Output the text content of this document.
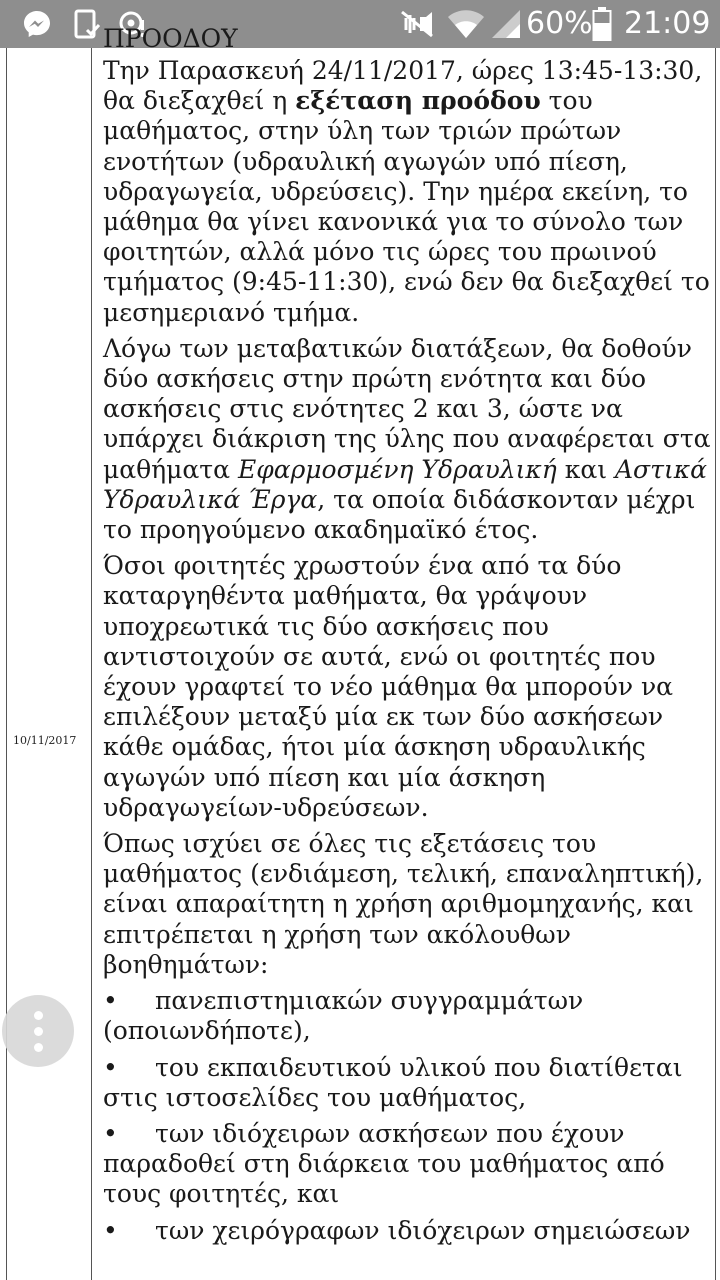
60% 21:09
10/11/2017
ΠΡΟΟΔΟΥ

Την Παρασκευή 24/11/2017, ώρες 13:45-13:30, θα διεξαχθεί η εξέταση προόδου του μαθήματος, στην ύλη των τριών πρώτων ενοτήτων (υδραυλική αγωγών υπό πίεση, υδραγωγεία, υδρεύσεις). Την ημέρα εκείνη, το μάθημα θα γίνει κανονικά για το σύνολο των φοιτητών, αλλά μόνο τις ώρες του πρωινού τμήματος (9:45-11:30), ενώ δεν θα διεξαχθεί το μεσημεριανό τμήμα.

Λόγω των μεταβατικών διατάξεων, θα δοθούν δύο ασκήσεις στην πρώτη ενότητα και δύο ασκήσεις στις ενότητες 2 και 3, ώστε να υπάρχει διάκριση της ύλης που αναφέρεται στα μαθήματα Εφαρμοσμένη Υδραυλική και Αστικά Υδραυλικά Έργα, τα οποία διδάσκονταν μέχρι το προηγούμενο ακαδημαϊκό έτος.

Όσοι φοιτητές χρωστούν ένα από τα δύο καταργηθέντα μαθήματα, θα γράψουν υποχρεωτικά τις δύο ασκήσεις που αντιστοιχούν σε αυτά, ενώ οι φοιτητές που έχουν γραφτεί το νέο μάθημα θα μπορούν να επιλέξουν μεταξύ μία εκ των δύο ασκήσεων κάθε ομάδας, ήτοι μία άσκηση υδραυλικής αγωγών υπό πίεση και μία άσκηση υδραγωγείων-υδρεύσεων.

Όπως ισχύει σε όλες τις εξετάσεις του μαθήματος (ενδιάμεση, τελική, επαναληπτική), είναι απαραίτητη η χρήση αριθμομηχανής, και επιτρέπεται η χρήση των ακόλουθων βοηθημάτων:

• πανεπιστημιακών συγγραμμάτων (οποιωνδήποτε),
• του εκπαιδευτικού υλικού που διατίθεται στις ιστοσελίδες του μαθήματος,
• των ιδιόχειρων ασκήσεων που έχουν παραδοθεί στη διάρκεια του μαθήματος από τους φοιτητές, και
• των χειρόγραφων ιδιόχειρων σημειώσεων
